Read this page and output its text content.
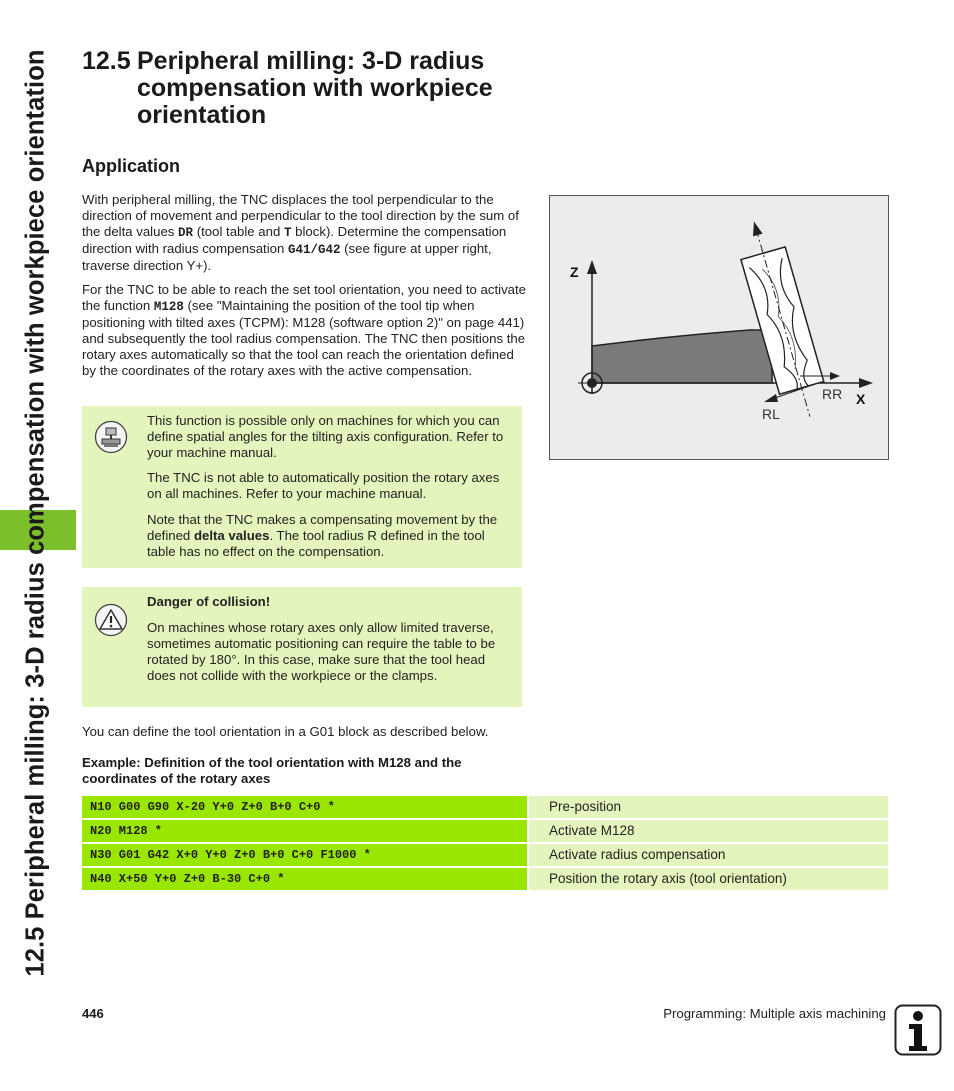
12.5 Peripheral milling: 3-D radius compensation with workpiece orientation 12.5 Peripheral milling: 3-D radius
compensation with workpiece
orientation
Application
With peripheral milling, the TNC displaces the tool perpendicular to the direction of movement and perpendicular to the tool direction by the sum of the delta values DR (tool table and T block). Determine the compensation direction with radius compensation G41/G42 (see figure at upper right, traverse direction Y+).
For the TNC to be able to reach the set tool orientation, you need to activate the function M128 (see "Maintaining the position of the tool tip when positioning with tilted axes (TCPM): M128 (software option 2)" on page 441) and subsequently the tool radius compensation. The TNC then positions the rotary axes automatically so that the tool can reach the orientation defined by the coordinates of the rotary axes with the active compensation.
Z
X
RR
RL

This function is possible only on machines for which you can define spatial angles for the tilting axis configuration. Refer to your machine manual.

The TNC is not able to automatically position the rotary axes on all machines. Refer to your machine manual.

Note that the TNC makes a compensating movement by the defined delta values. The tool radius R defined in the tool table has no effect on the compensation.

Danger of collision!

On machines whose rotary axes only allow limited traverse, sometimes automatic positioning can require the table to be rotated by 180°. In this case, make sure that the tool head does not collide with the workpiece or the clamps.

You can define the tool orientation in a G01 block as described below.
Example: Definition of the tool orientation with M128 and the coordinates of the rotary axes
N10 G00 G90 X-20 Y+0 Z+0 B+0 C+0 *	Pre-position
N20 M128 *	Activate M128
N30 G01 G42 X+0 Y+0 Z+0 B+0 C+0 F1000 *	Activate radius compensation
N40 X+50 Y+0 Z+0 B-30 C+0 *	Position the rotary axis (tool orientation)
446	Programming: Multiple axis machining
